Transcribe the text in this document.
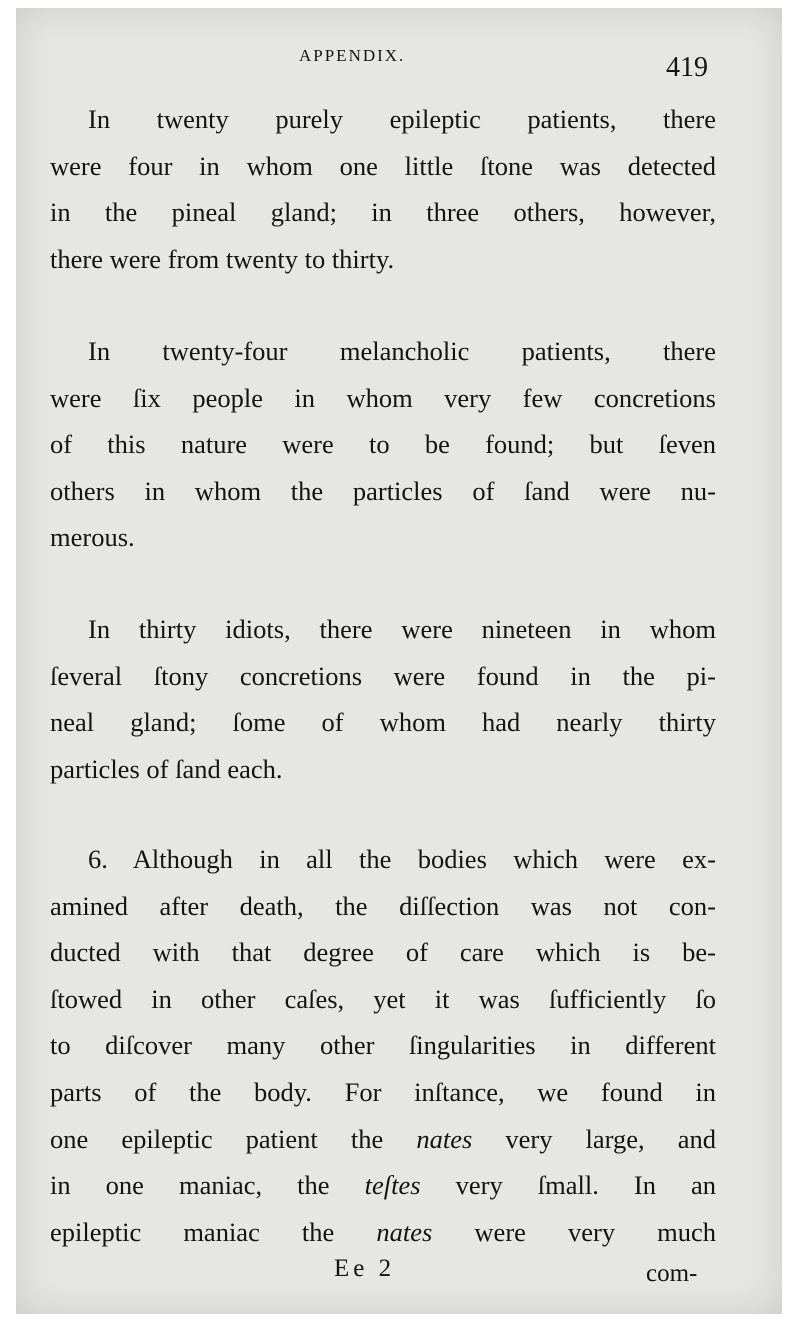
APPENDIX.	419
In twenty purely epileptic patients, there
were four in whom one little ſtone was detected
in the pineal gland; in three others, however,
there were from twenty to thirty.
In twenty-four melancholic patients, there
were ſix people in whom very few concretions
of this nature were to be found; but ſeven
others in whom the particles of ſand were nu-
merous.
In thirty idiots, there were nineteen in whom
ſeveral ſtony concretions were found in the pi-
neal gland; ſome of whom had nearly thirty
particles of ſand each.
6. Although in all the bodies which were ex-
amined after death, the diſſection was not con-
ducted with that degree of care which is be-
ſtowed in other caſes, yet it was ſufficiently ſo
to diſcover many other ſingularities in different
parts of the body. For inſtance, we found in
one epileptic patient the nates very large, and
in one maniac, the teſtes very ſmall. In an
epileptic maniac the nates were very much
Ee 2	com-
